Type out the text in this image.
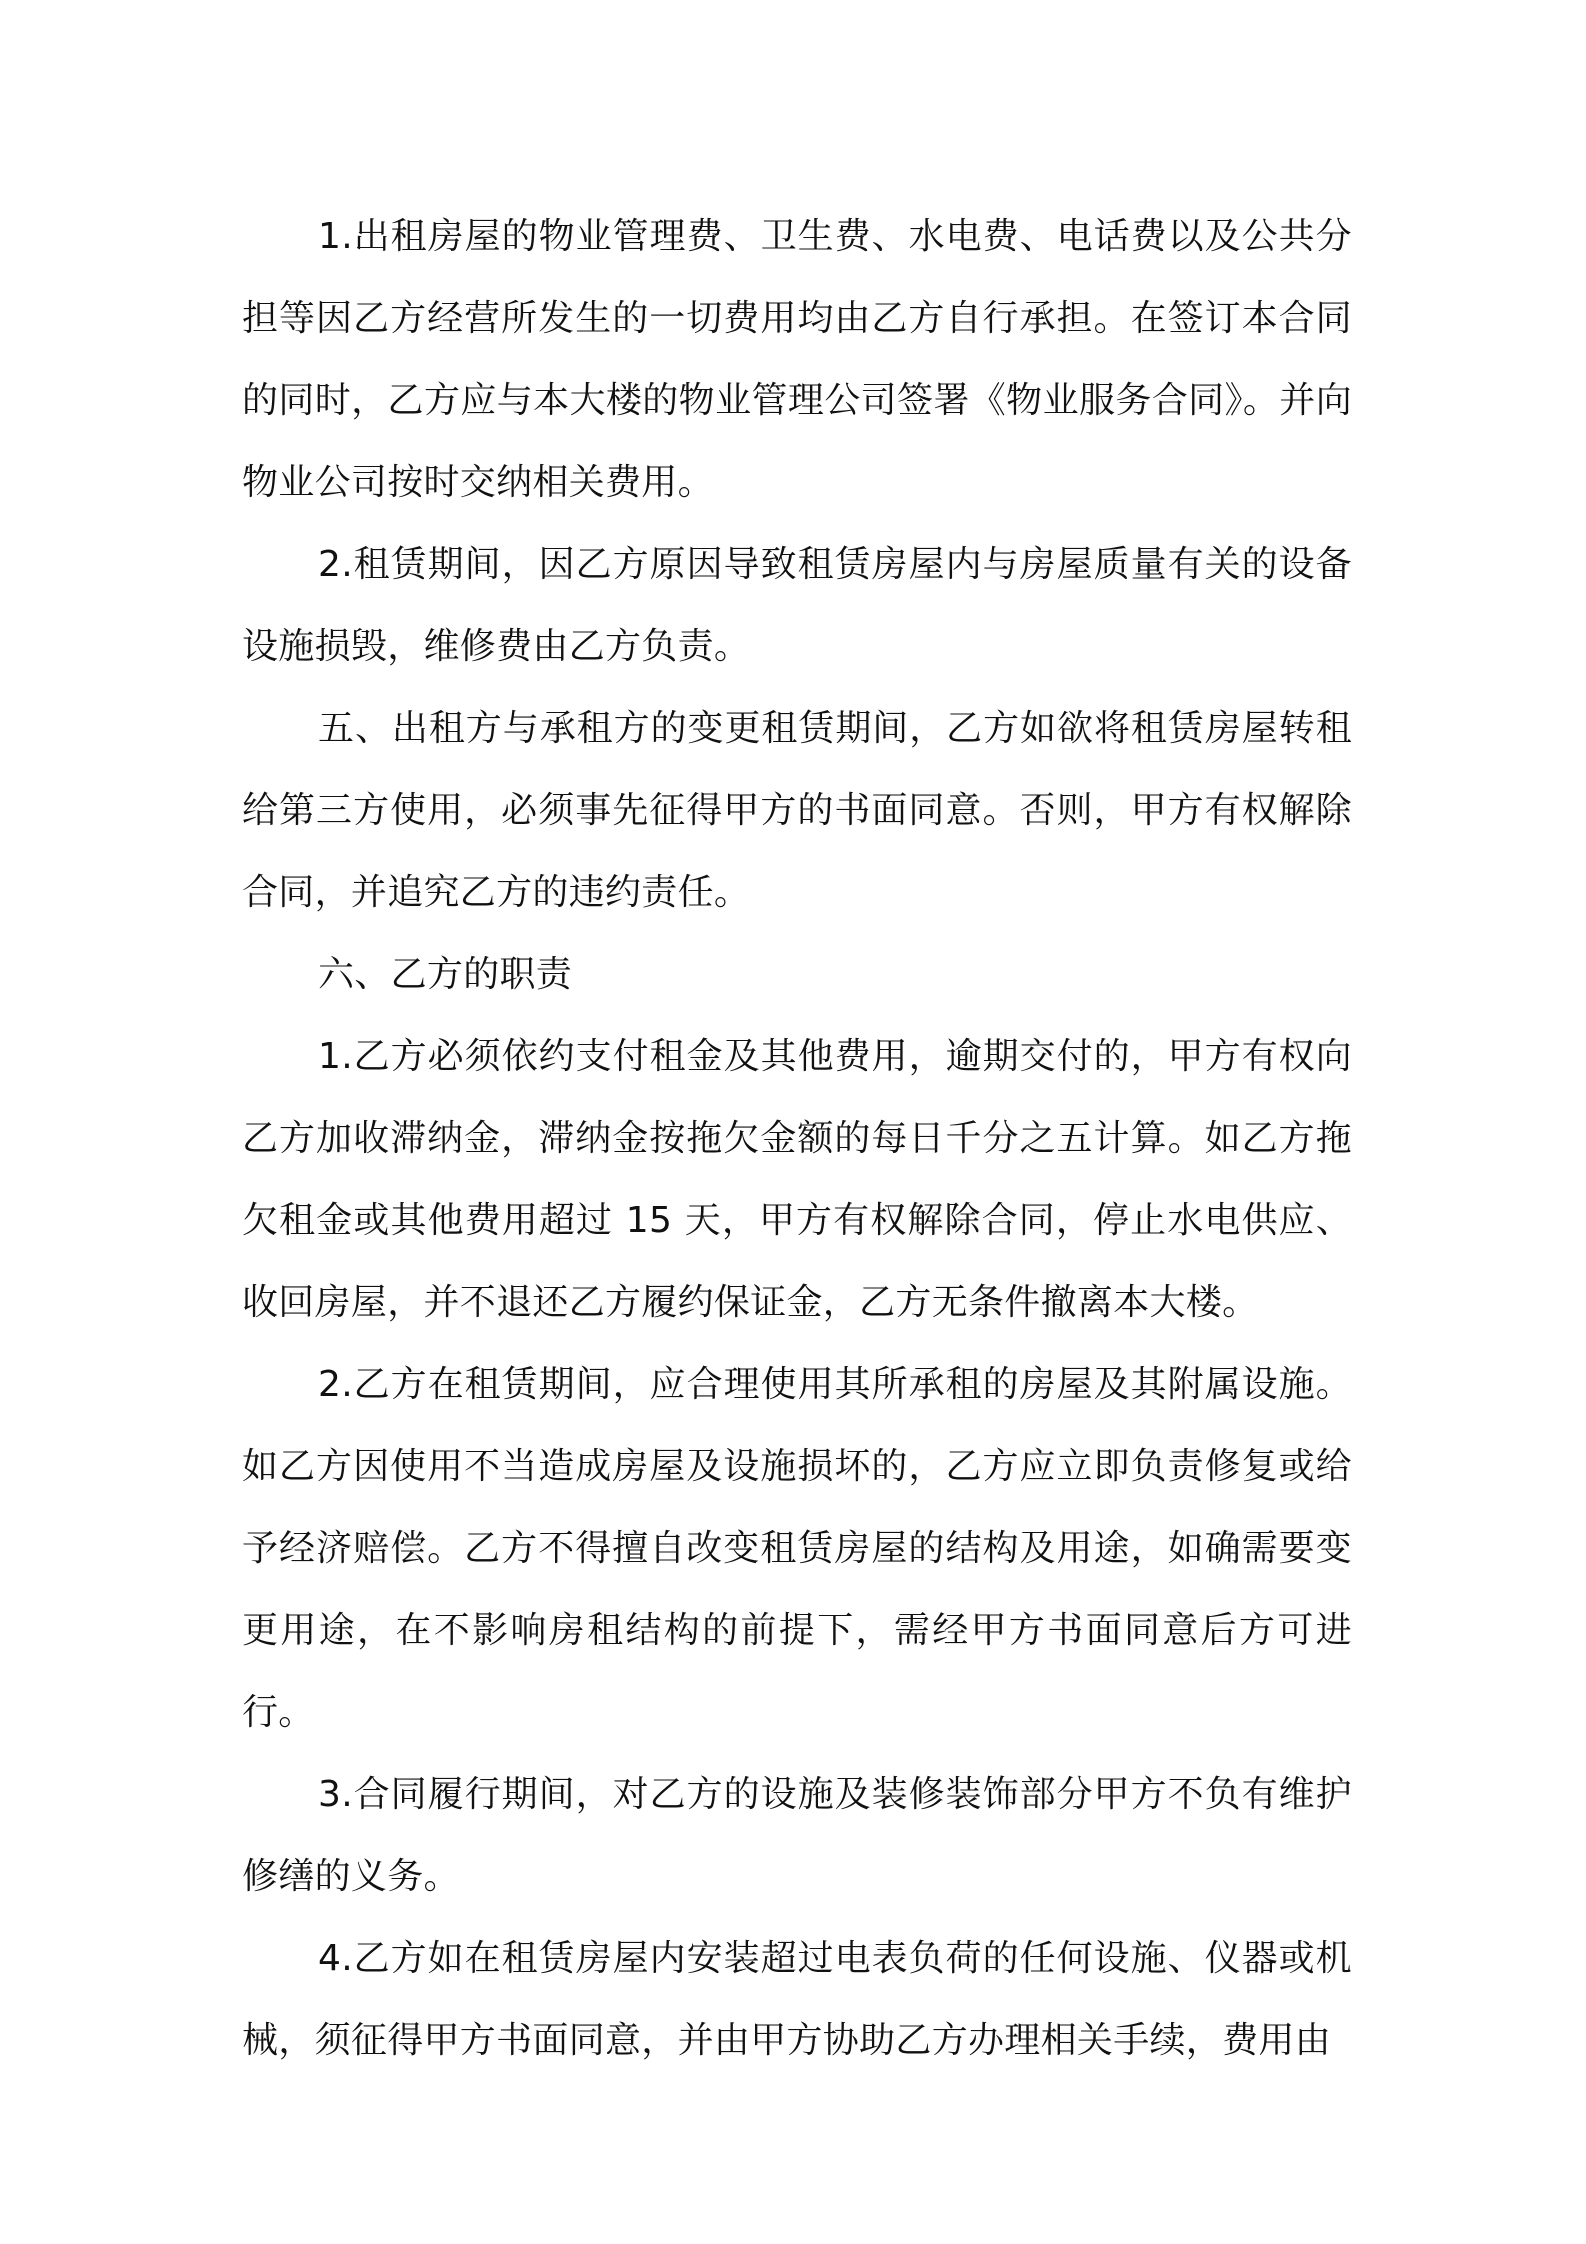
1.出租房屋的物业管理费、卫生费、水电费、电话费以及公共分担等因乙方经营所发生的一切费用均由乙方自行承担。在签订本合同的同时，乙方应与本大楼的物业管理公司签署《物业服务合同》。并向物业公司按时交纳相关费用。

2.租赁期间，因乙方原因导致租赁房屋内与房屋质量有关的设备设施损毁，维修费由乙方负责。

五、出租方与承租方的变更租赁期间，乙方如欲将租赁房屋转租给第三方使用，必须事先征得甲方的书面同意。否则，甲方有权解除合同，并追究乙方的违约责任。

六、乙方的职责

1.乙方必须依约支付租金及其他费用，逾期交付的，甲方有权向乙方加收滞纳金，滞纳金按拖欠金额的每日千分之五计算。如乙方拖欠租金或其他费用超过 15 天，甲方有权解除合同，停止水电供应、收回房屋，并不退还乙方履约保证金，乙方无条件撤离本大楼。

2.乙方在租赁期间，应合理使用其所承租的房屋及其附属设施。如乙方因使用不当造成房屋及设施损坏的，乙方应立即负责修复或给予经济赔偿。乙方不得擅自改变租赁房屋的结构及用途，如确需要变更用途，在不影响房租结构的前提下，需经甲方书面同意后方可进行。

3.合同履行期间，对乙方的设施及装修装饰部分甲方不负有维护修缮的义务。

4.乙方如在租赁房屋内安装超过电表负荷的任何设施、仪器或机械，须征得甲方书面同意，并由甲方协助乙方办理相关手续，费用由
